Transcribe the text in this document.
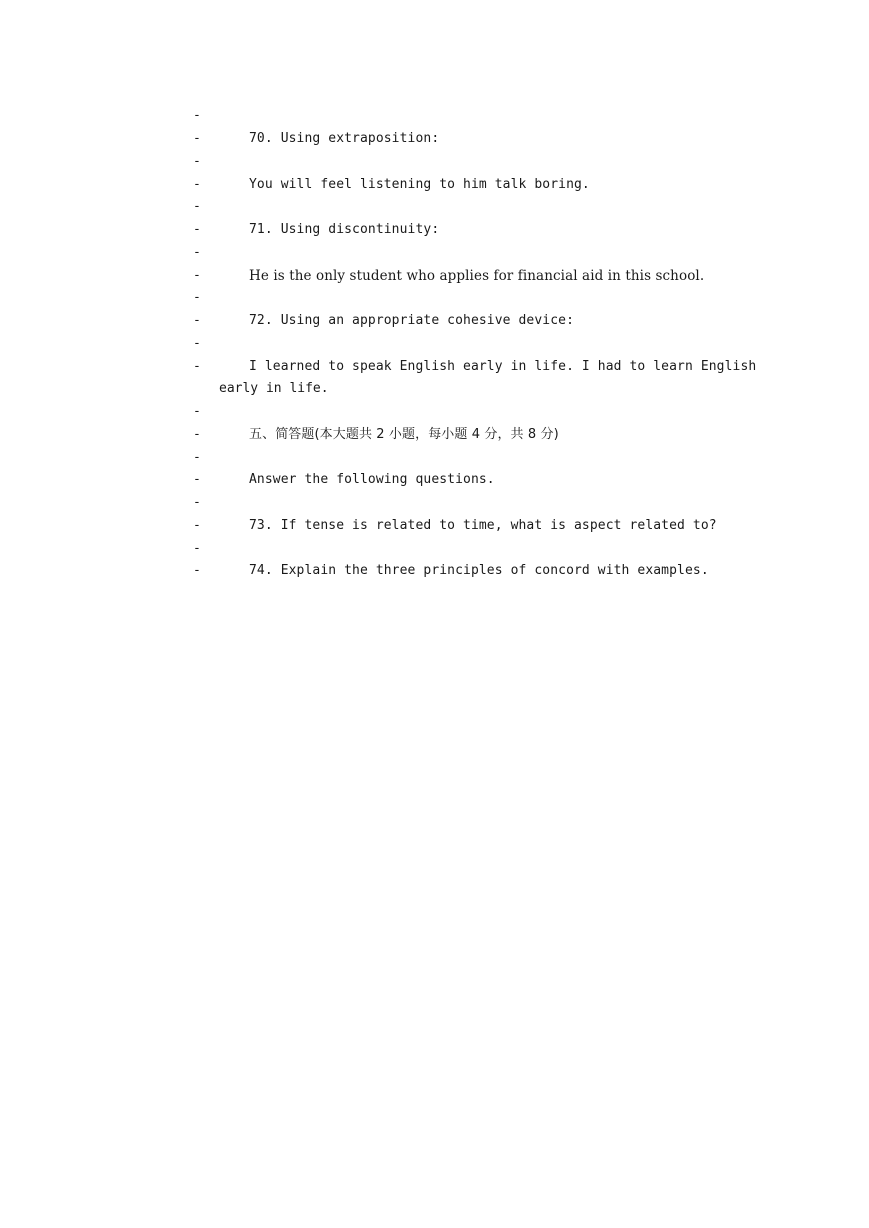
-
-	70. Using extraposition:
-
-	You will feel listening to him talk boring.
-
-	71. Using discontinuity:
-
-	He is the only student who applies for financial aid in this school.
-
-	72. Using an appropriate cohesive device:
-
-	I learned to speak English early in life. I had to learn English
early in life.
-
-	五、简答题(本大题共 2 小题，每小题 4 分，共 8 分)
-
-	Answer the following questions.
-
-	73. If tense is related to time, what is aspect related to?
-
-	74. Explain the three principles of concord with examples.
